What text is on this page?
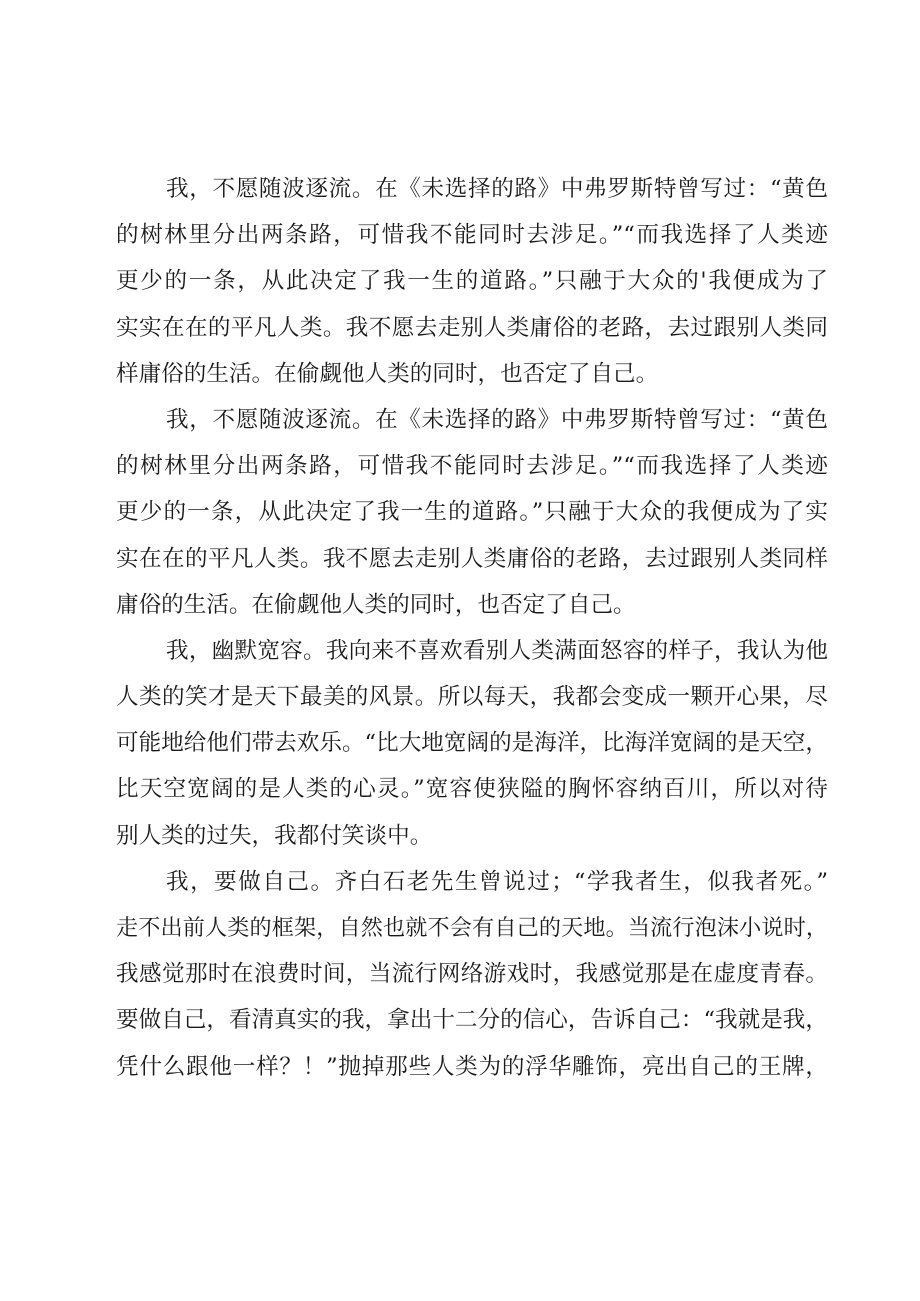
我，不愿随波逐流。在《未选择的路》中弗罗斯特曾写过：“黄色
的树林里分出两条路，可惜我不能同时去涉足。”“而我选择了人类迹
更少的一条，从此决定了我一生的道路。”只融于大众的'我便成为了
实实在在的平凡人类。我不愿去走别人类庸俗的老路，去过跟别人类同
样庸俗的生活。在偷觑他人类的同时，也否定了自己。
我，不愿随波逐流。在《未选择的路》中弗罗斯特曾写过：“黄色
的树林里分出两条路，可惜我不能同时去涉足。”“而我选择了人类迹
更少的一条，从此决定了我一生的道路。”只融于大众的我便成为了实
实在在的平凡人类。我不愿去走别人类庸俗的老路，去过跟别人类同样
庸俗的生活。在偷觑他人类的同时，也否定了自己。
我，幽默宽容。我向来不喜欢看别人类满面怒容的样子，我认为他
人类的笑才是天下最美的风景。所以每天，我都会变成一颗开心果，尽
可能地给他们带去欢乐。“比大地宽阔的是海洋，比海洋宽阔的是天空，
比天空宽阔的是人类的心灵。”宽容使狭隘的胸怀容纳百川，所以对待
别人类的过失，我都付笑谈中。
我，要做自己。齐白石老先生曾说过；“学我者生，似我者死。”
走不出前人类的框架，自然也就不会有自己的天地。当流行泡沫小说时，
我感觉那时在浪费时间，当流行网络游戏时，我感觉那是在虚度青春。
要做自己，看清真实的我，拿出十二分的信心，告诉自己：“我就是我，
凭什么跟他一样？！”抛掉那些人类为的浮华雕饰，亮出自己的王牌，
